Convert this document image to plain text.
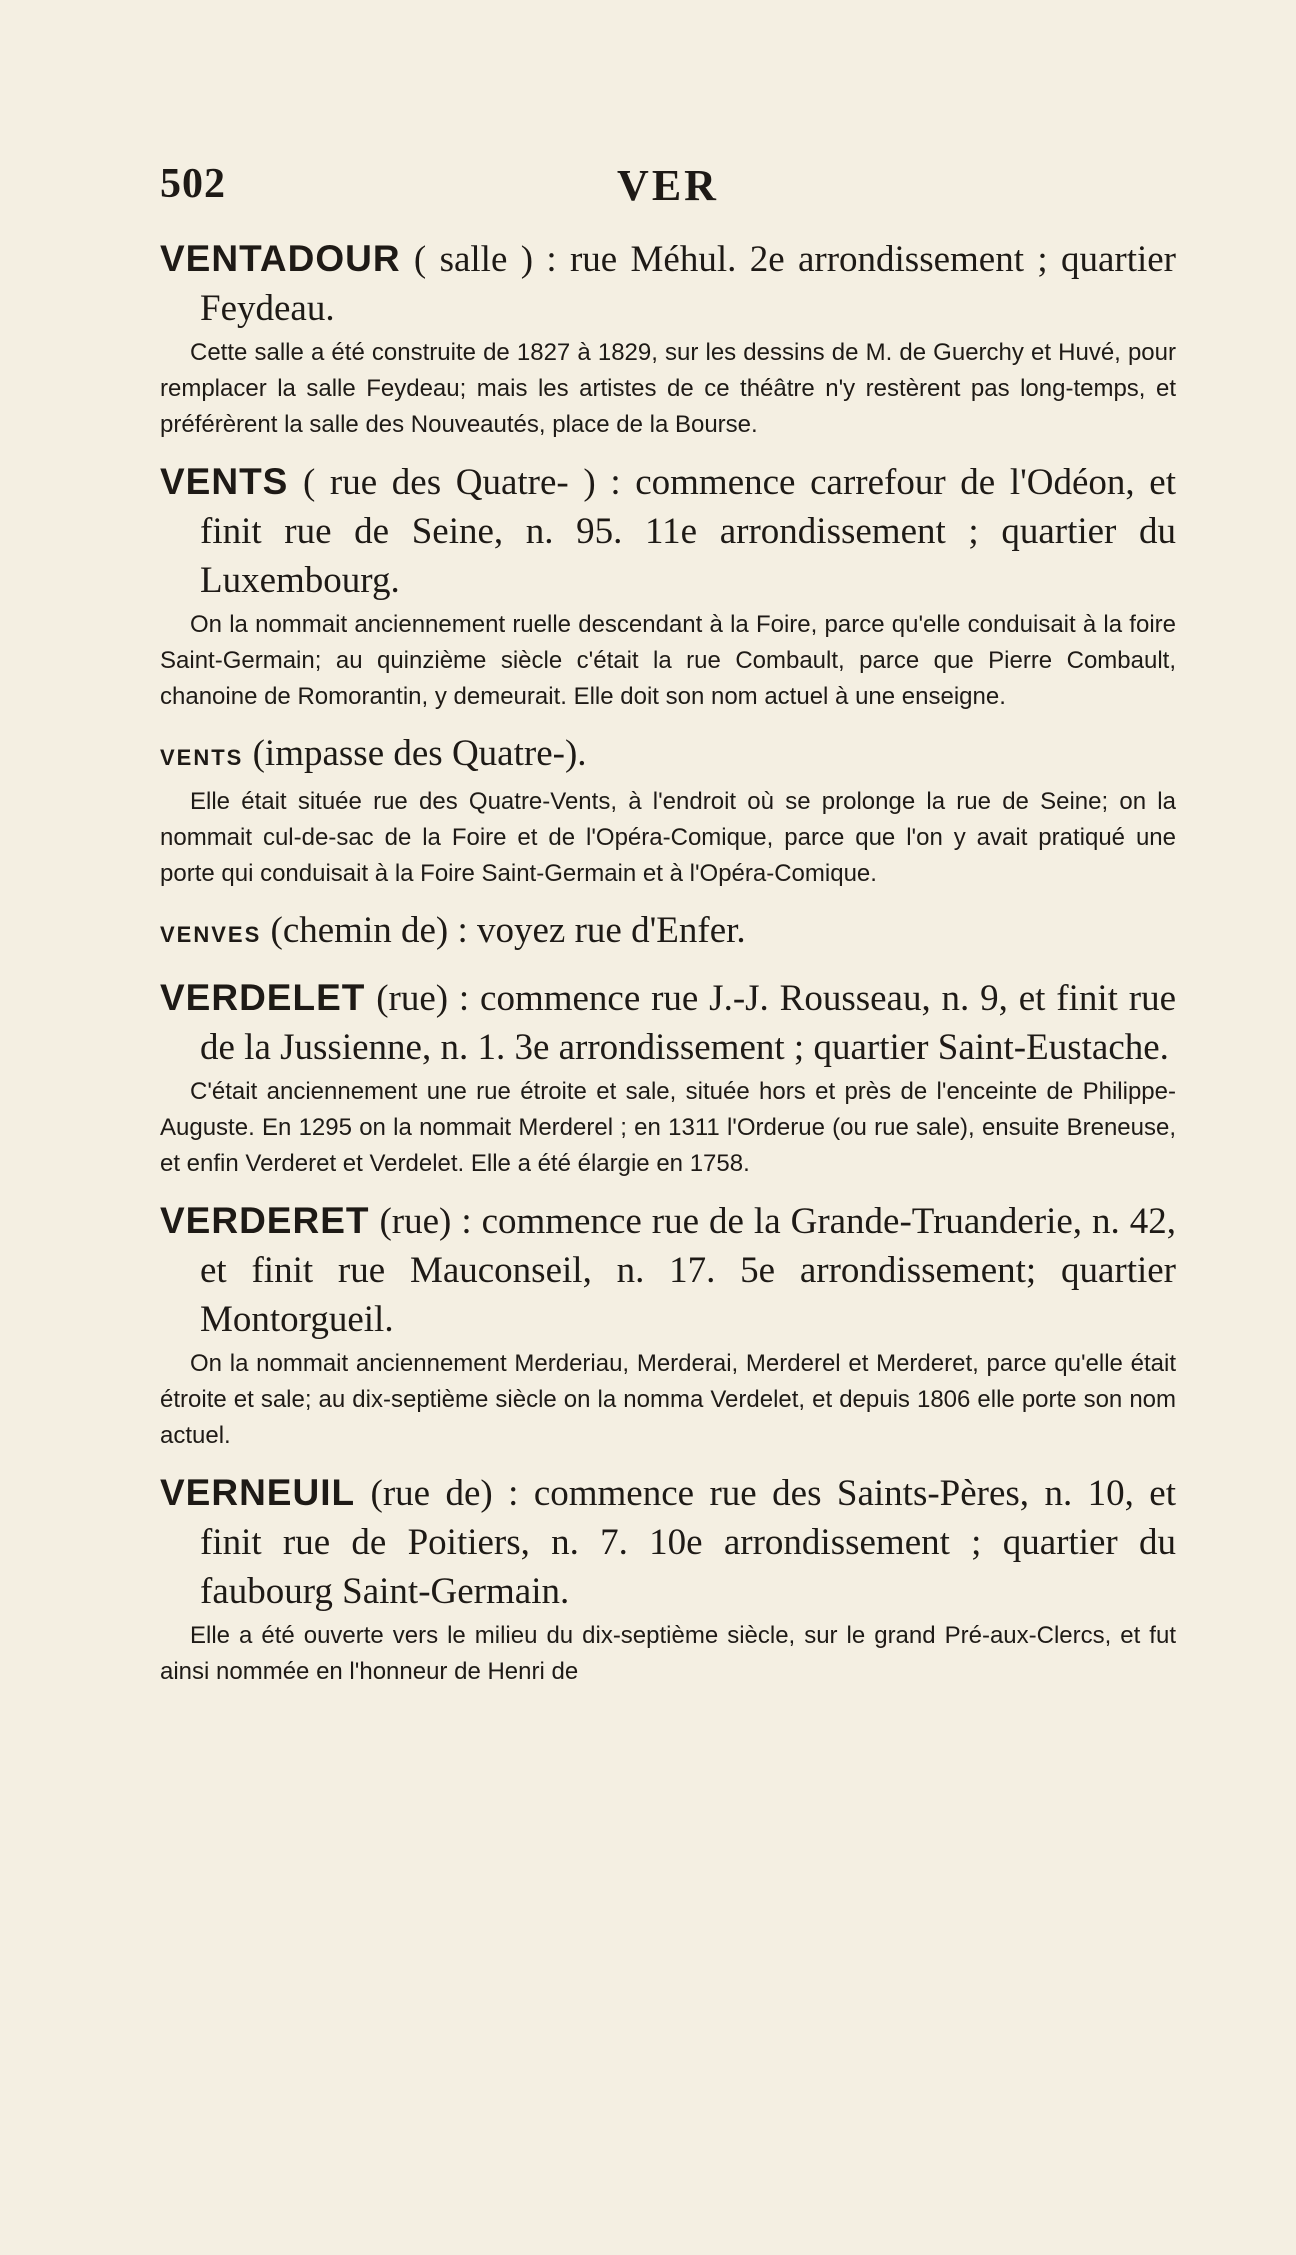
502	VER
VENTADOUR ( salle ) : rue Méhul. 2e arrondissement ; quartier Feydeau.
Cette salle a été construite de 1827 à 1829, sur les dessins de M. de Guerchy et Huvé, pour remplacer la salle Feydeau; mais les artistes de ce théâtre n'y restèrent pas long-temps, et préférèrent la salle des Nouveautés, place de la Bourse.
VENTS ( rue des Quatre- ) : commence carrefour de l'Odéon, et finit rue de Seine, n. 95. 11e arrondissement ; quartier du Luxembourg.
On la nommait anciennement ruelle descendant à la Foire, parce qu'elle conduisait à la foire Saint-Germain; au quinzième siècle c'était la rue Combault, parce que Pierre Combault, chanoine de Romorantin, y demeurait. Elle doit son nom actuel à une enseigne.
VENTS (impasse des Quatre-).
Elle était située rue des Quatre-Vents, à l'endroit où se prolonge la rue de Seine; on la nommait cul-de-sac de la Foire et de l'Opéra-Comique, parce que l'on y avait pratiqué une porte qui conduisait à la Foire Saint-Germain et à l'Opéra-Comique.
VENVES (chemin de) : voyez rue d'Enfer.
VERDELET (rue) : commence rue J.-J. Rousseau, n. 9, et finit rue de la Jussienne, n. 1. 3e arrondissement ; quartier Saint-Eustache.
C'était anciennement une rue étroite et sale, située hors et près de l'enceinte de Philippe-Auguste. En 1295 on la nommait Merderel ; en 1311 l'Orderue (ou rue sale), ensuite Breneuse, et enfin Verderet et Verdelet. Elle a été élargie en 1758.
VERDERET (rue) : commence rue de la Grande-Truanderie, n. 42, et finit rue Mauconseil, n. 17. 5e arrondissement; quartier Montorgueil.
On la nommait anciennement Merderiau, Merderai, Merderel et Merderet, parce qu'elle était étroite et sale; au dix-septième siècle on la nomma Verdelet, et depuis 1806 elle porte son nom actuel.
VERNEUIL (rue de) : commence rue des Saints-Pères, n. 10, et finit rue de Poitiers, n. 7. 10e arrondissement ; quartier du faubourg Saint-Germain.
Elle a été ouverte vers le milieu du dix-septième siècle, sur le grand Pré-aux-Clercs, et fut ainsi nommée en l'honneur de Henri de
